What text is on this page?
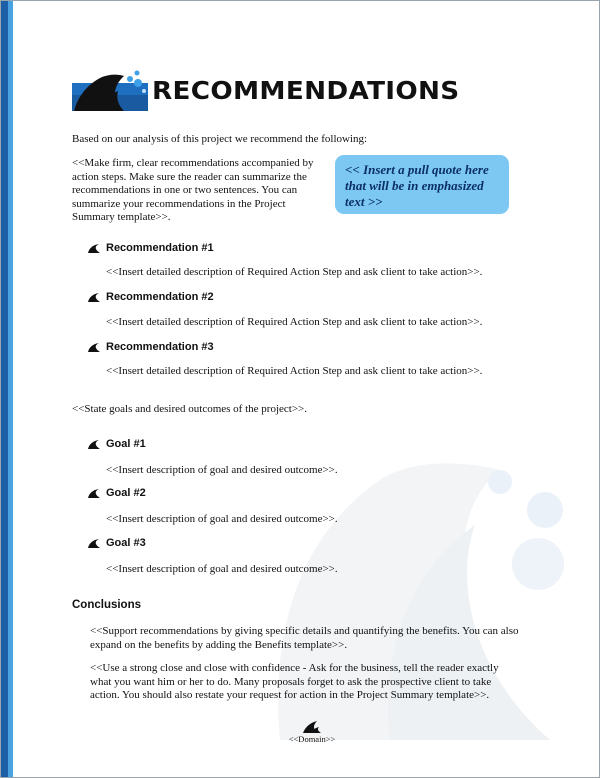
RECOMMENDATIONS

Based on our analysis of this project we recommend the following:

<<Make firm, clear recommendations accompanied by action steps. Make sure the reader can summarize the recommendations in one or two sentences. You can summarize your recommendations in the Project Summary template>>.

<< Insert a pull quote here that will be in emphasized text >>
Recommendation #1
<<Insert detailed description of Required Action Step and ask client to take action>>.
Recommendation #2
<<Insert detailed description of Required Action Step and ask client to take action>>.
Recommendation #3
<<Insert detailed description of Required Action Step and ask client to take action>>.

<<State goals and desired outcomes of the project>>.

Goal #1
<<Insert description of goal and desired outcome>>.
Goal #2
<<Insert description of goal and desired outcome>>.
Goal #3
<<Insert description of goal and desired outcome>>.
Conclusions

<<Support recommendations by giving specific details and quantifying the benefits. You can also expand on the benefits by adding the Benefits template>>.

<<Use a strong close and close with confidence - Ask for the business, tell the reader exactly what you want him or her to do. Many proposals forget to ask the prospective client to take action. You should also restate your request for action in the Project Summary template>>.

<<Domain>>
